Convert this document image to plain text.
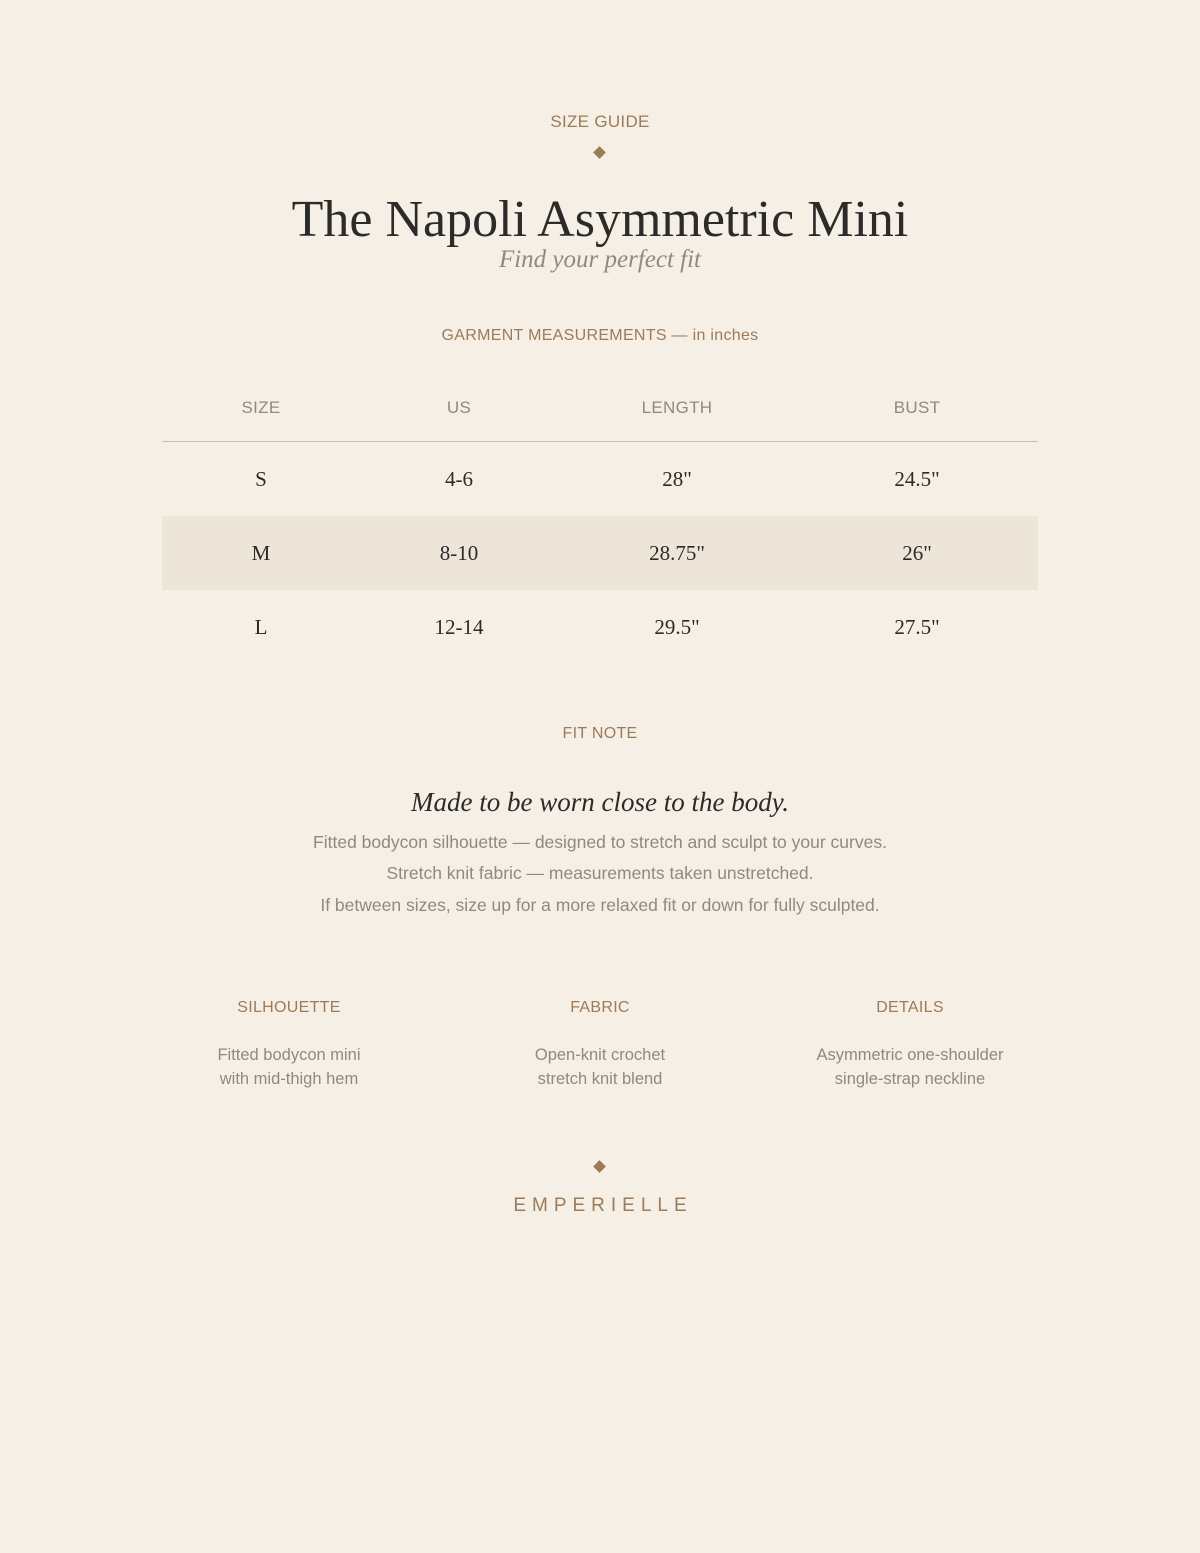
SIZE GUIDE
The Napoli Asymmetric Mini
Find your perfect fit
GARMENT MEASUREMENTS — in inches
SIZE	US	LENGTH	BUST
S	4-6	28"	24.5"
M	8-10	28.75"	26"
L	12-14	29.5"	27.5"
FIT NOTE
Made to be worn close to the body.
Fitted bodycon silhouette — designed to stretch and sculpt to your curves.
Stretch knit fabric — measurements taken unstretched.
If between sizes, size up for a more relaxed fit or down for fully sculpted.
SILHOUETTE
Fitted bodycon mini
with mid-thigh hem
FABRIC
Open-knit crochet
stretch knit blend
DETAILS
Asymmetric one-shoulder
single-strap neckline
EMPERIELLE
